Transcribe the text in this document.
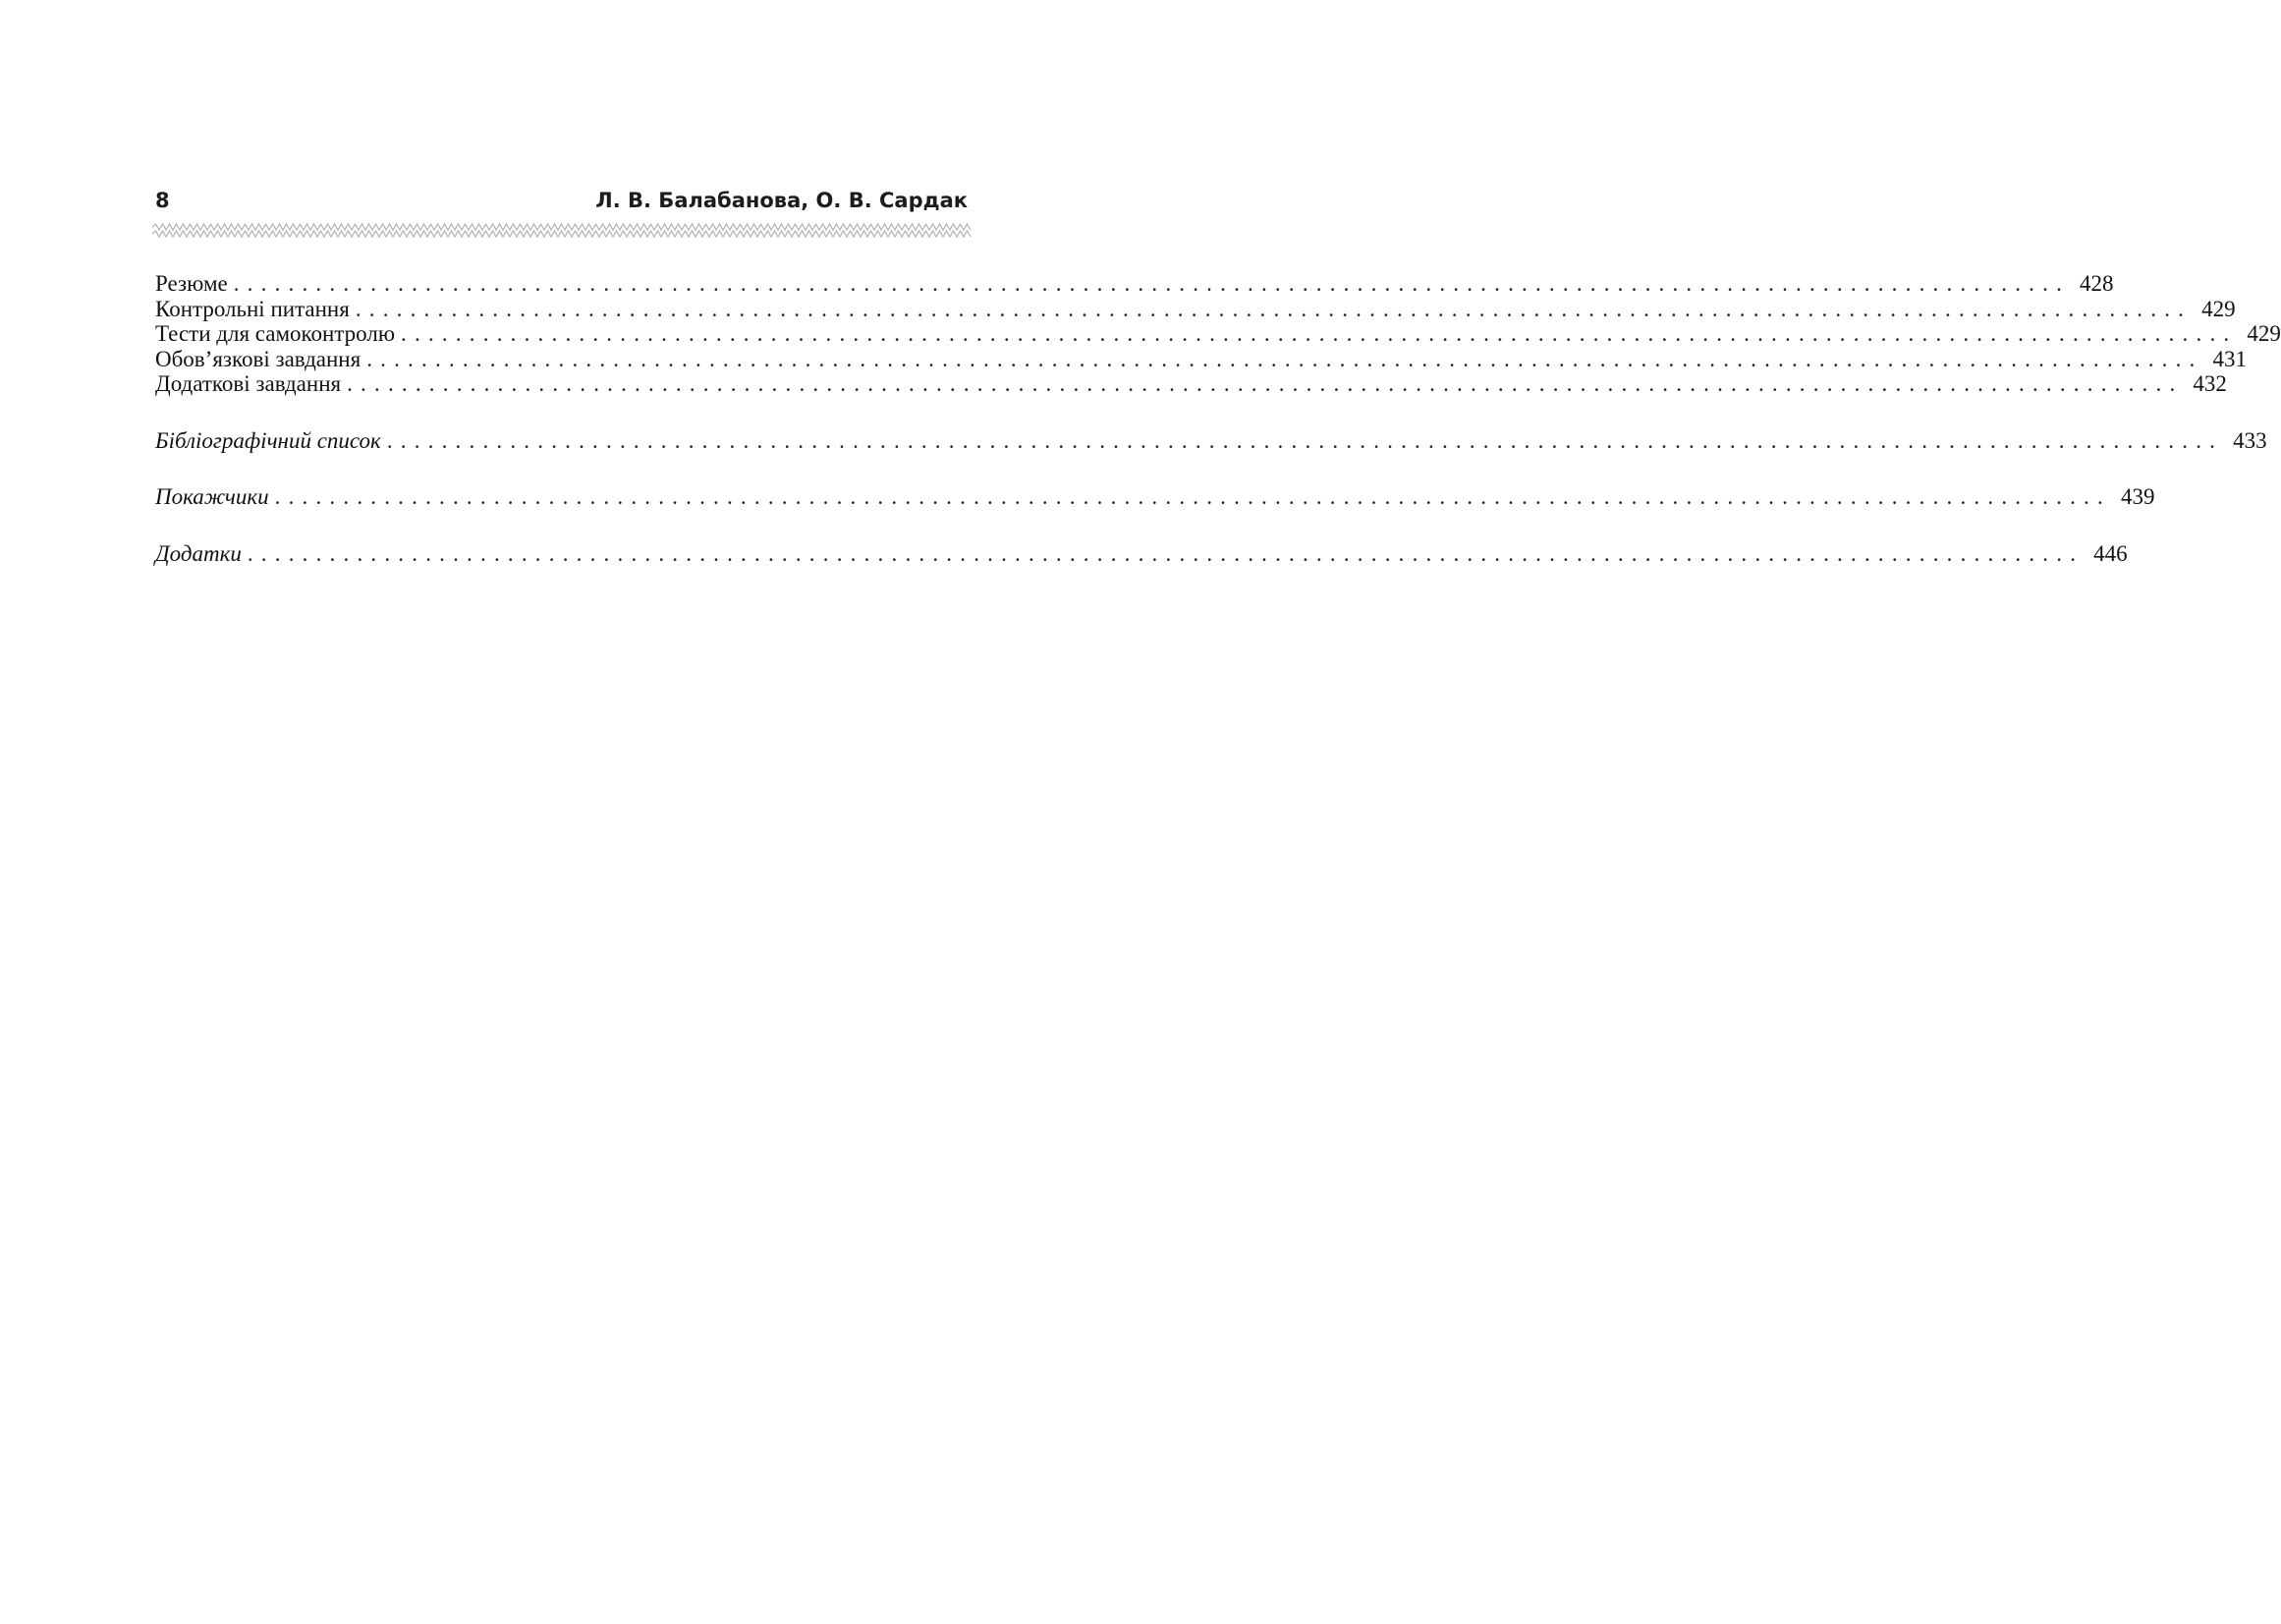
8	Л. В. Балабанова, О. В. Сардак
Резюме ...................................................................................................................................... 428
Контрольні питання ...................................................................................................................................... 429
Тести для самоконтролю ...................................................................................................................................... 429
Обов’язкові завдання ...................................................................................................................................... 431
Додаткові завдання ...................................................................................................................................... 432
Бібліографічний список ...................................................................................................................................... 433
Покажчики ...................................................................................................................................... 439
Додатки ...................................................................................................................................... 446
